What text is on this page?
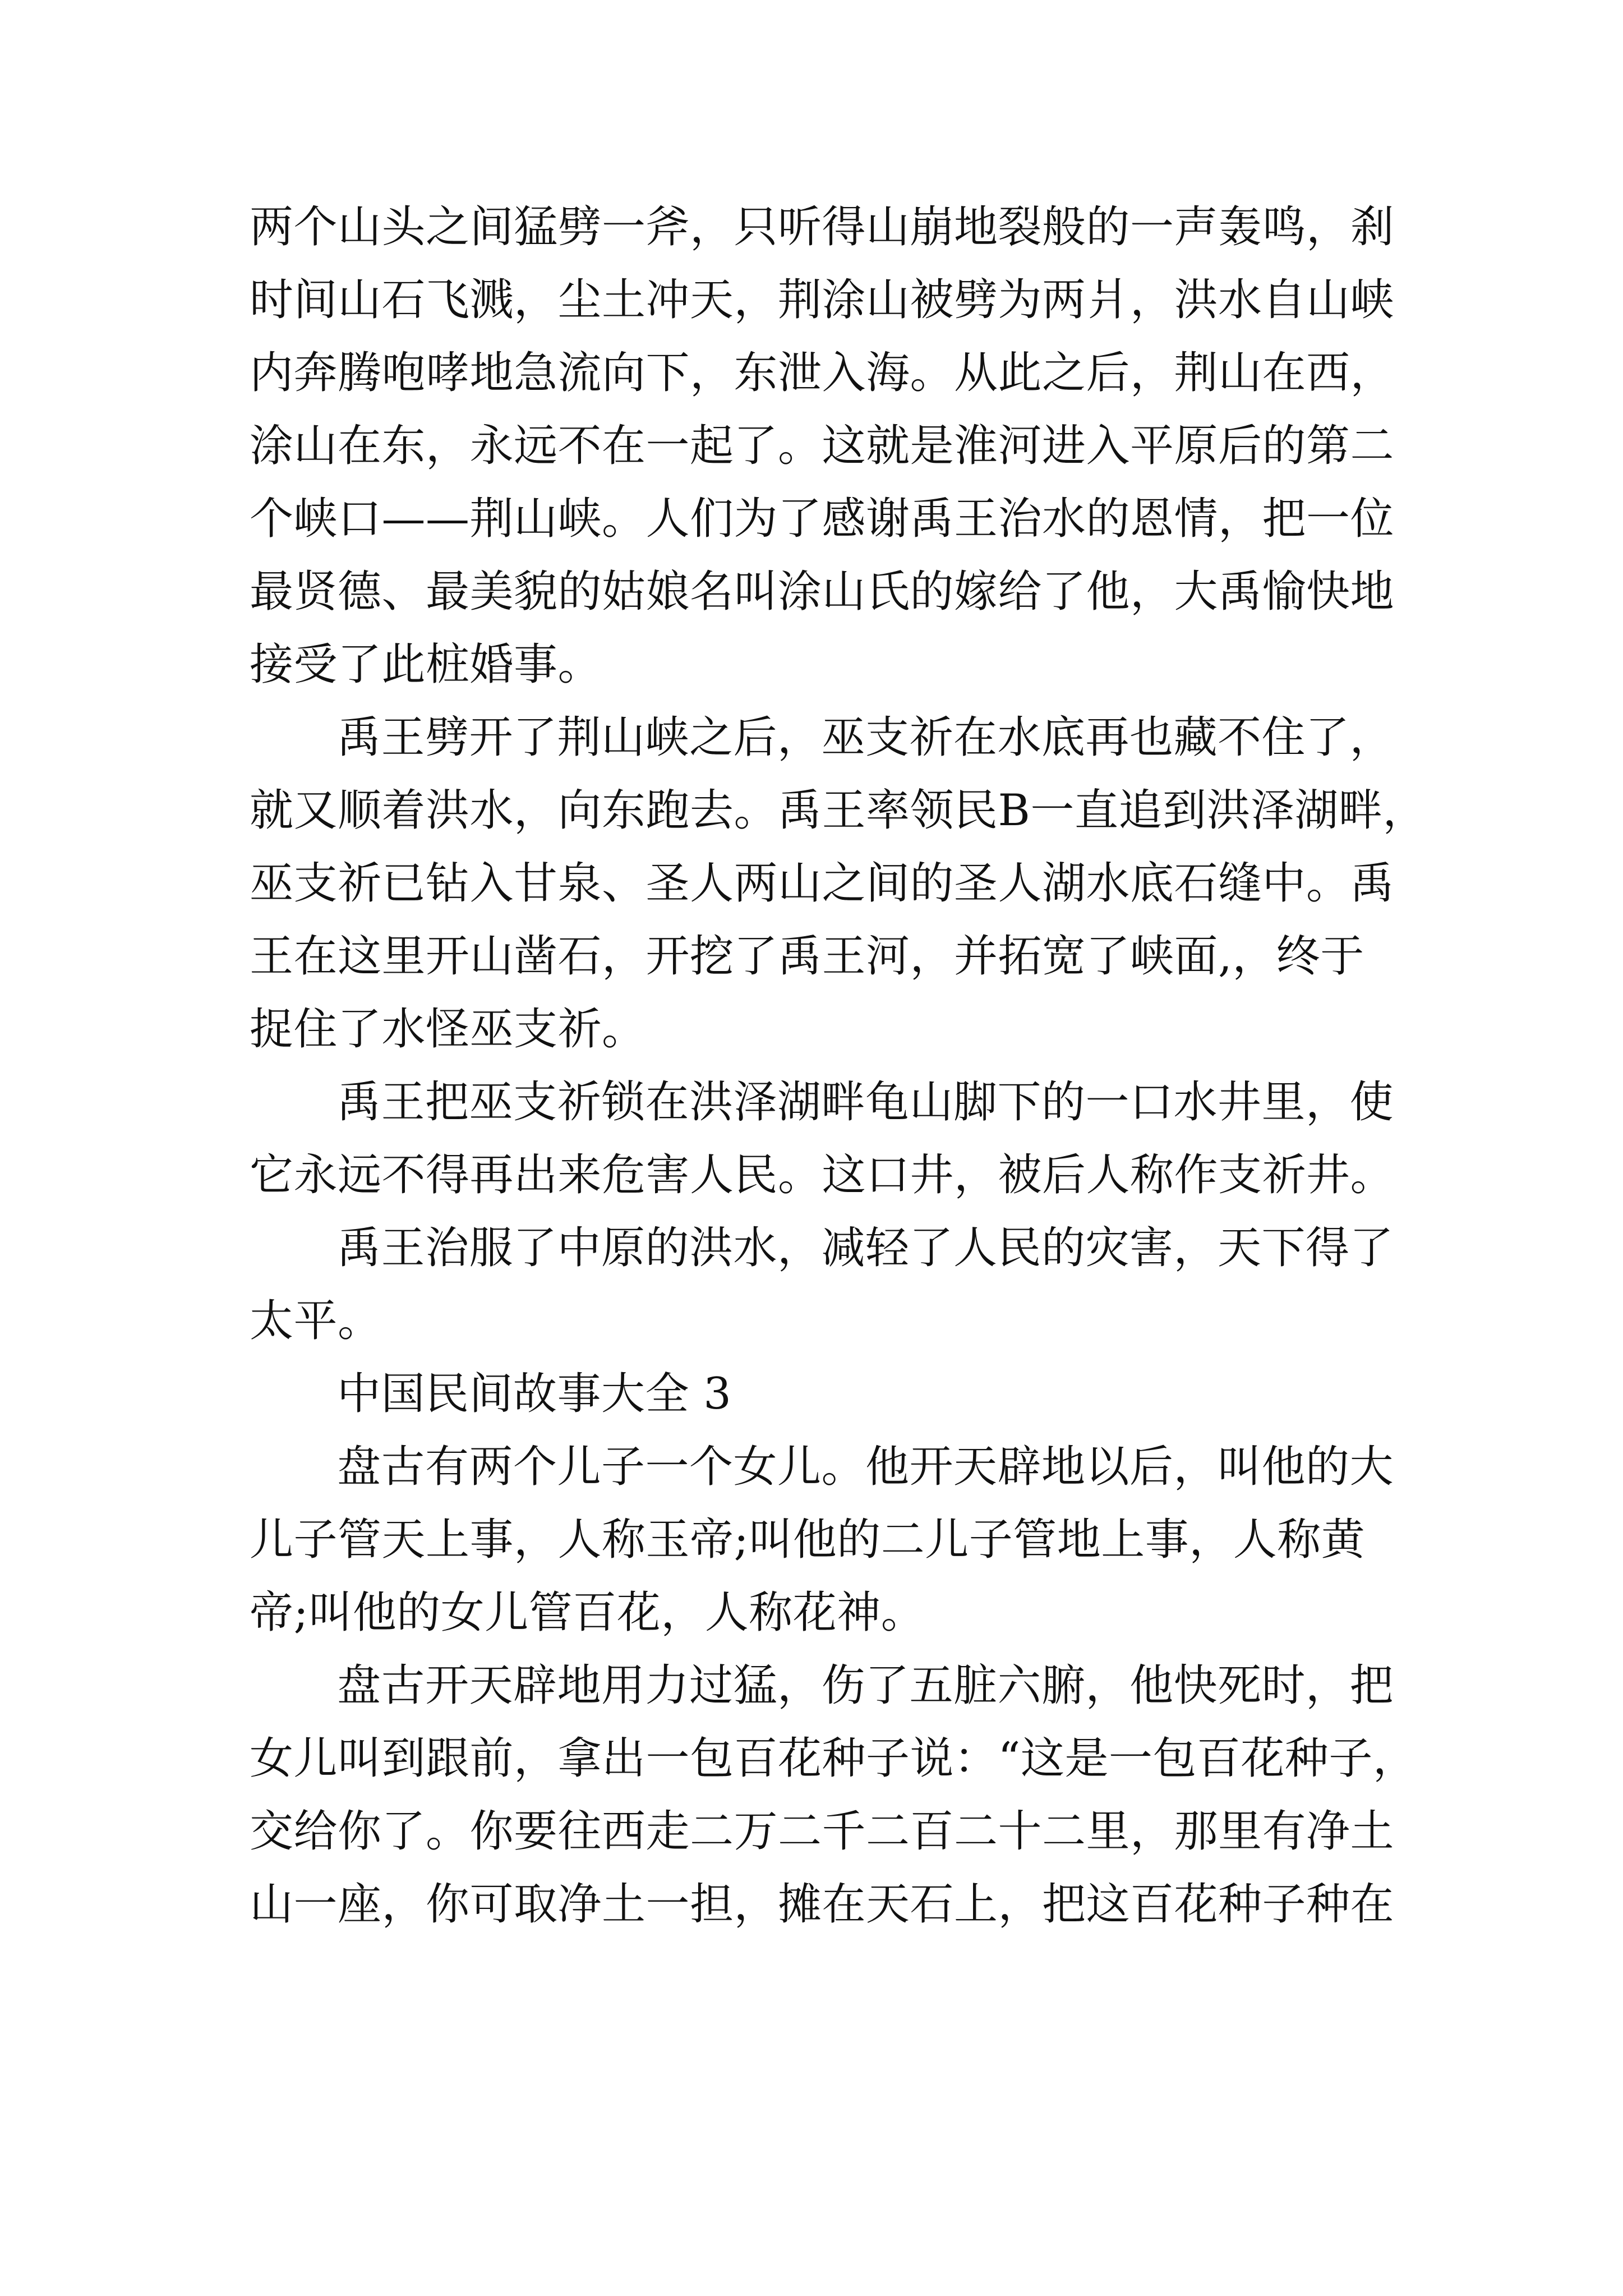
两个山头之间猛劈一斧，只听得山崩地裂般的一声轰鸣，刹
时间山石飞溅，尘土冲天，荆涂山被劈为两爿，洪水自山峡
内奔腾咆哮地急流向下，东泄入海。从此之后，荆山在西，
涂山在东，永远不在一起了。这就是淮河进入平原后的第二
个峡口——荆山峡。人们为了感谢禹王治水的恩情，把一位
最贤德、最美貌的姑娘名叫涂山氏的嫁给了他，大禹愉快地
接受了此桩婚事。
禹王劈开了荆山峡之后，巫支祈在水底再也藏不住了，
就又顺着洪水，向东跑去。禹王率领民B一直追到洪泽湖畔，
巫支祈已钻入甘泉、圣人两山之间的圣人湖水底石缝中。禹
王在这里开山凿石，开挖了禹王河，并拓宽了峡面,，终于
捉住了水怪巫支祈。
禹王把巫支祈锁在洪泽湖畔龟山脚下的一口水井里，使
它永远不得再出来危害人民。这口井，被后人称作支祈井。
禹王治服了中原的洪水，减轻了人民的灾害，天下得了
太平。
中国民间故事大全 3
盘古有两个儿子一个女儿。他开天辟地以后，叫他的大
儿子管天上事，人称玉帝;叫他的二儿子管地上事，人称黄
帝;叫他的女儿管百花，人称花神。
盘古开天辟地用力过猛，伤了五脏六腑，他快死时，把
女儿叫到跟前，拿出一包百花种子说：“这是一包百花种子，
交给你了。你要往西走二万二千二百二十二里，那里有净土
山一座，你可取净土一担，摊在天石上，把这百花种子种在
